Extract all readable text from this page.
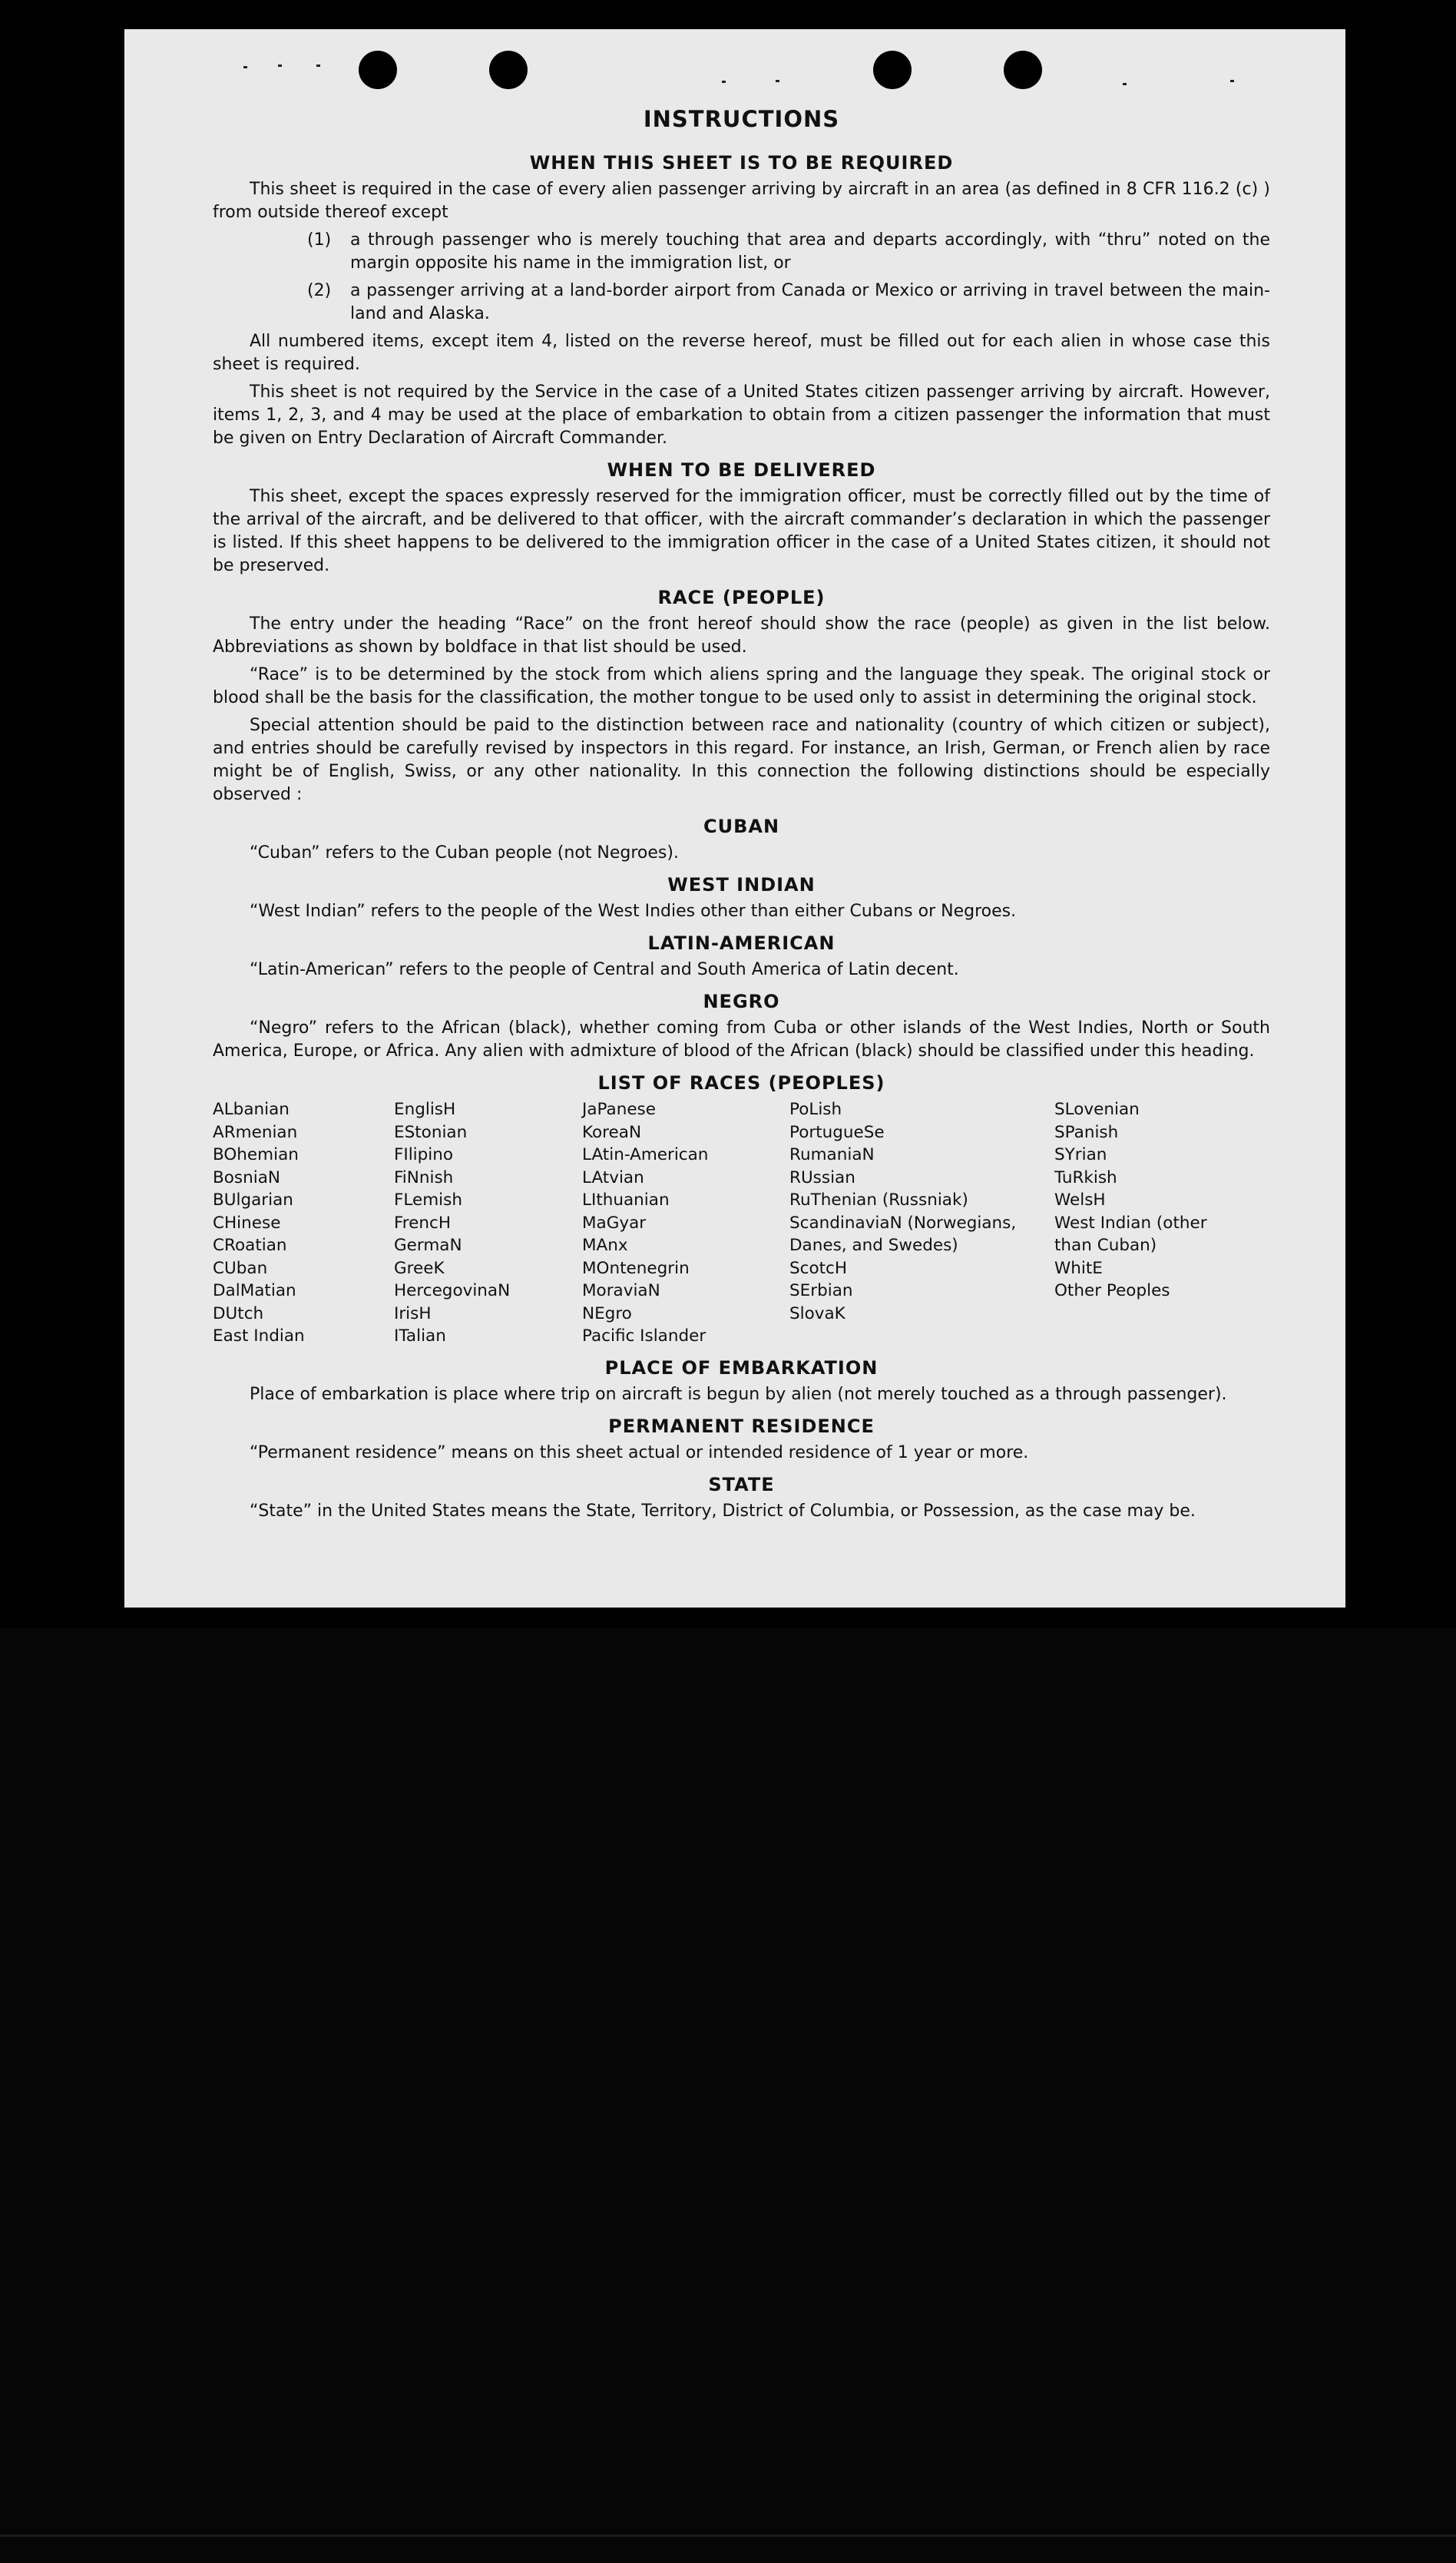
INSTRUCTIONS
WHEN THIS SHEET IS TO BE REQUIRED

This sheet is required in the case of every alien passenger arriving by aircraft in an area (as defined in 8 CFR 116.2 (c) ) from outside thereof except

(1)	a through passenger who is merely touching that area and departs accordingly, with “thru” noted on the margin opposite his name in the immigration list, or
(2)	a passenger arriving at a land-border airport from Canada or Mexico or arriving in travel between the main-land and Alaska.

All numbered items, except item 4, listed on the reverse hereof, must be filled out for each alien in whose case this sheet is required.

This sheet is not required by the Service in the case of a United States citizen passenger arriving by aircraft. However, items 1, 2, 3, and 4 may be used at the place of embarkation to obtain from a citizen passenger the information that must be given on Entry Declaration of Aircraft Commander.

WHEN TO BE DELIVERED

This sheet, except the spaces expressly reserved for the immigration officer, must be correctly filled out by the time of the arrival of the aircraft, and be delivered to that officer, with the aircraft commander’s declaration in which the passenger is listed. If this sheet happens to be delivered to the immigration officer in the case of a United States citizen, it should not be preserved.

RACE (PEOPLE)

The entry under the heading “Race” on the front hereof should show the race (people) as given in the list below. Abbreviations as shown by boldface in that list should be used.

“Race” is to be determined by the stock from which aliens spring and the language they speak. The original stock or blood shall be the basis for the classification, the mother tongue to be used only to assist in determining the original stock.

Special attention should be paid to the distinction between race and nationality (country of which citizen or subject), and entries should be carefully revised by inspectors in this regard. For instance, an Irish, German, or French alien by race might be of English, Swiss, or any other nationality. In this connection the following distinctions should be especially observed :

CUBAN

“Cuban” refers to the Cuban people (not Negroes).

WEST INDIAN

“West Indian” refers to the people of the West Indies other than either Cubans or Negroes.

LATIN-AMERICAN

“Latin-American” refers to the people of Central and South America of Latin decent.

NEGRO

“Negro” refers to the African (black), whether coming from Cuba or other islands of the West Indies, North or South America, Europe, or Africa. Any alien with admixture of blood of the African (black) should be classified under this heading.

LIST OF RACES (PEOPLES)
ALbanian
ARmenian
BOhemian
BosniaN
BUlgarian
CHinese
CRoatian
CUban
DalMatian
DUtch
East Indian
EnglisH
EStonian
FIlipino
FiNnish
FLemish
FrencH
GermaN
GreeK
HercegovinaN
IrisH
ITalian
JaPanese
KoreaN
LAtin-American
LAtvian
LIthuanian
MaGyar
MAnx
MOntenegrin
MoraviaN
NEgro
Pacific Islander
PoLish
PortugueSe
RumaniaN
RUssian
RuThenian (Russniak)
ScandinaviaN (Norwegians, Danes, and Swedes)
ScotcH
SErbian
SlovaK
SLovenian
SPanish
SYrian
TuRkish
WelsH
West Indian (other than Cuban)
WhitE
Other Peoples
PLACE OF EMBARKATION

Place of embarkation is place where trip on aircraft is begun by alien (not merely touched as a through passenger).

PERMANENT RESIDENCE

“Permanent residence” means on this sheet actual or intended residence of 1 year or more.

STATE

“State” in the United States means the State, Territory, District of Columbia, or Possession, as the case may be.
